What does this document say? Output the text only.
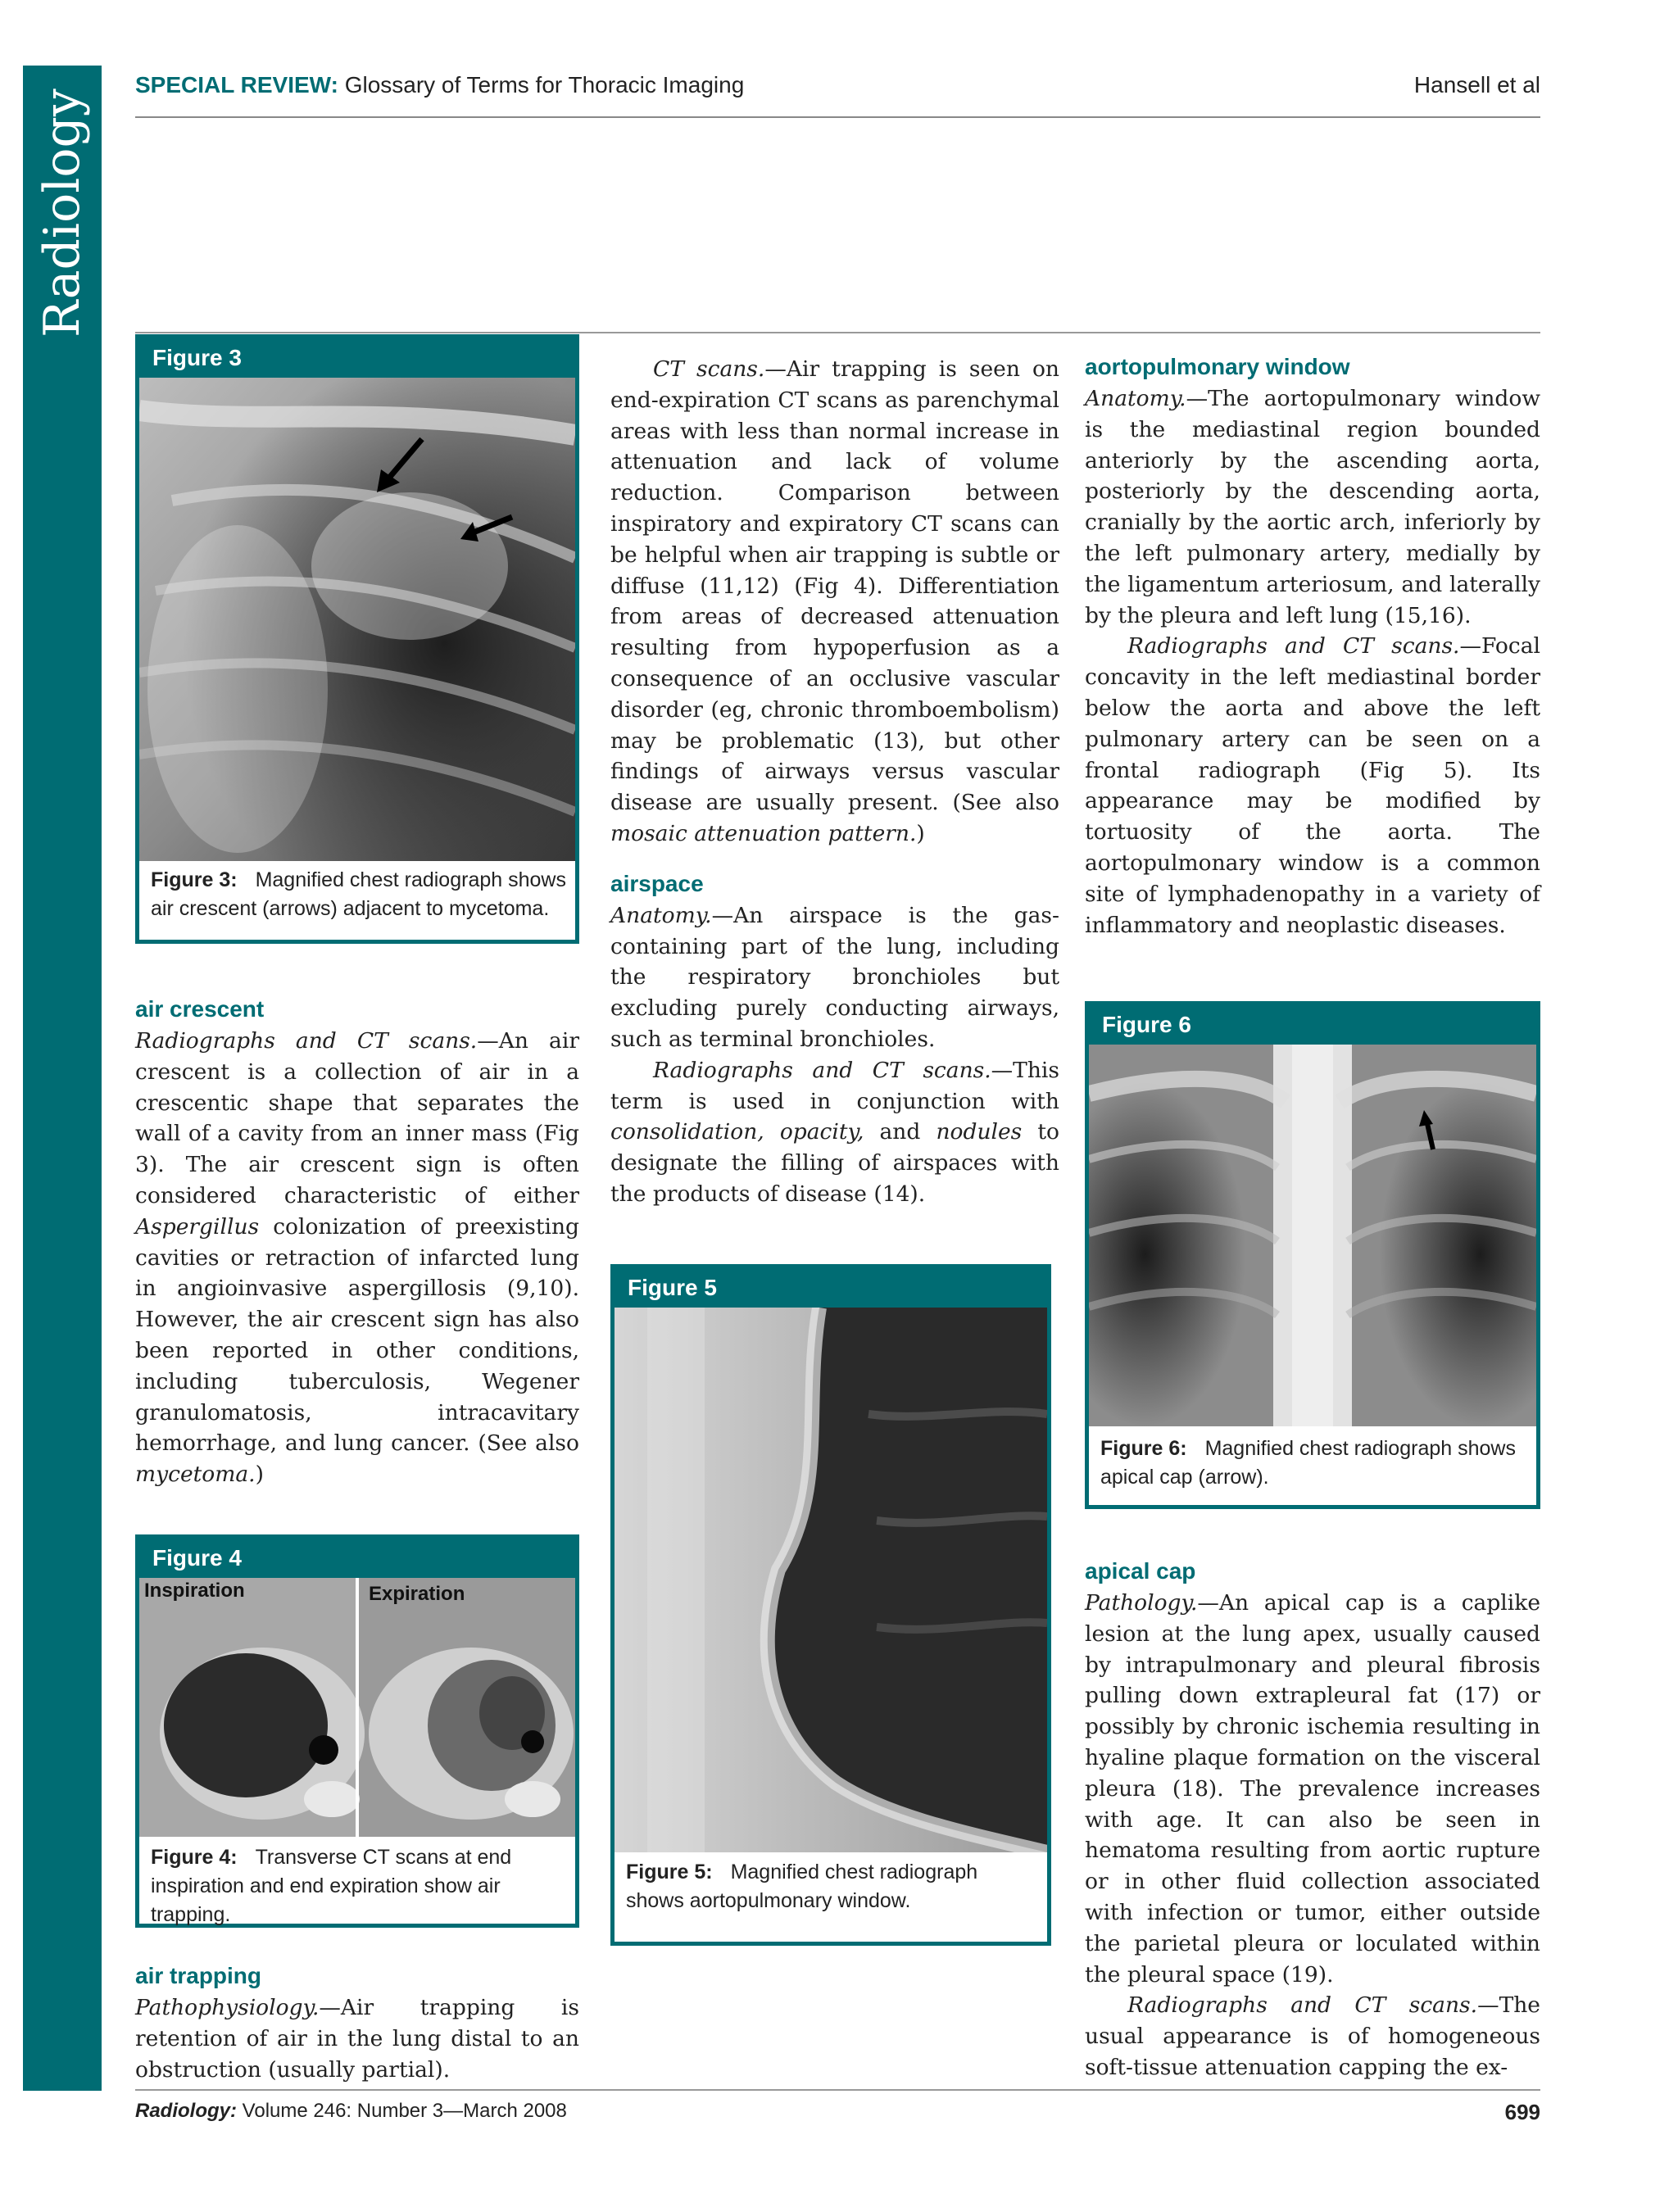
Radiology
SPECIAL REVIEW: Glossary of Terms for Thoracic Imaging	Hansell et al
Figure 3
Figure 3: Magnified chest radiograph shows air crescent (arrows) adjacent to mycetoma.

air crescent

Radiographs and CT scans.—An air crescent is a collection of air in a crescentic shape that separates the wall of a cavity from an inner mass (Fig 3). The air crescent sign is often considered characteristic of either Aspergillus colonization of preexisting cavities or retraction of infarcted lung in angioinvasive aspergillosis (9,10). However, the air crescent sign has also been reported in other conditions, including tuberculosis, Wegener granulomatosis, intracavitary hemorrhage, and lung cancer. (See also mycetoma.)

Figure 4
Inspiration	Expiration
Figure 4: Transverse CT scans at end inspiration and end expiration show air trapping.

air trapping

Pathophysiology.—Air trapping is retention of air in the lung distal to an obstruction (usually partial).

CT scans.—Air trapping is seen on end-expiration CT scans as parenchymal areas with less than normal increase in attenuation and lack of volume reduction. Comparison between inspiratory and expiratory CT scans can be helpful when air trapping is subtle or diffuse (11,12) (Fig 4). Differentiation from areas of decreased attenuation resulting from hypoperfusion as a consequence of an occlusive vascular disorder (eg, chronic thromboembolism) may be problematic (13), but other findings of airways versus vascular disease are usually present. (See also mosaic attenuation pattern.)

airspace

Anatomy.—An airspace is the gas-containing part of the lung, including the respiratory bronchioles but excluding purely conducting airways, such as terminal bronchioles.

Radiographs and CT scans.—This term is used in conjunction with consolidation, opacity, and nodules to designate the filling of airspaces with the products of disease (14).

Figure 5
Figure 5: Magnified chest radiograph shows aortopulmonary window.

aortopulmonary window

Anatomy.—The aortopulmonary window is the mediastinal region bounded anteriorly by the ascending aorta, posteriorly by the descending aorta, cranially by the aortic arch, inferiorly by the left pulmonary artery, medially by the ligamentum arteriosum, and laterally by the pleura and left lung (15,16).

Radiographs and CT scans.—Focal concavity in the left mediastinal border below the aorta and above the left pulmonary artery can be seen on a frontal radiograph (Fig 5). Its appearance may be modified by tortuosity of the aorta. The aortopulmonary window is a common site of lymphadenopathy in a variety of inflammatory and neoplastic diseases.

Figure 6
Figure 6: Magnified chest radiograph shows apical cap (arrow).

apical cap

Pathology.—An apical cap is a caplike lesion at the lung apex, usually caused by intrapulmonary and pleural fibrosis pulling down extrapleural fat (17) or possibly by chronic ischemia resulting in hyaline plaque formation on the visceral pleura (18). The prevalence increases with age. It can also be seen in hematoma resulting from aortic rupture or in other fluid collection associated with infection or tumor, either outside the parietal pleura or loculated within the pleural space (19).

Radiographs and CT scans.—The usual appearance is of homogeneous soft-tissue attenuation capping the ex-

Radiology: Volume 246: Number 3—March 2008	699
